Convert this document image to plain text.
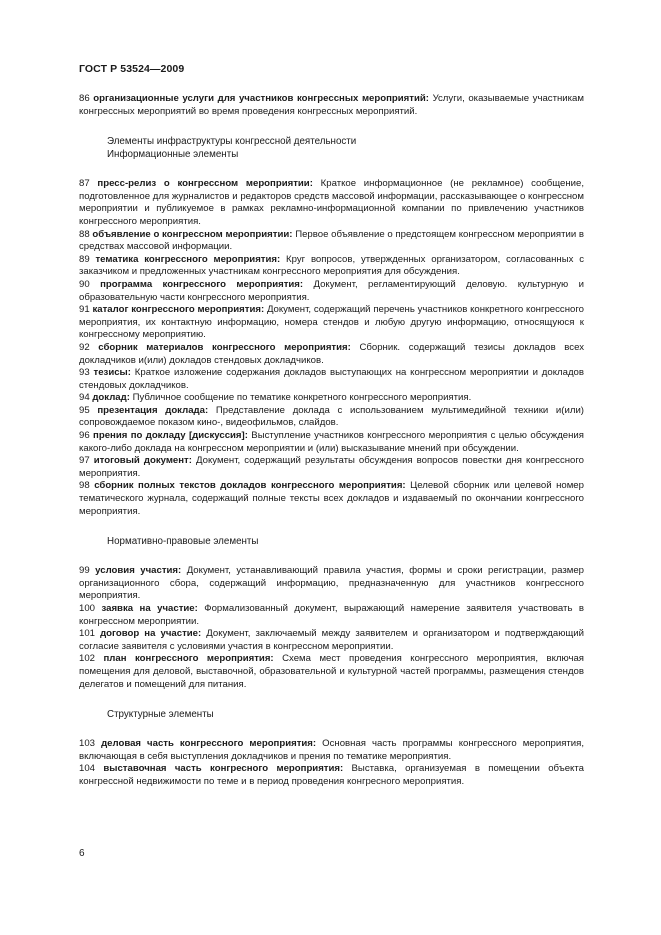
ГОСТ Р 53524—2009

86 организационные услуги для участников конгрессных мероприятий: Услуги, оказываемые участникам конгрессных мероприятий во время проведения конгрессных мероприятий.

Элементы инфраструктуры конгрессной деятельности

Информационные элементы

87 пресс-релиз о конгрессном мероприятии: Краткое информационное (не рекламное) сообщение, подготовленное для журналистов и редакторов средств массовой информации, рассказывающее о конгрессном мероприятии и публикуемое в рамках рекламно-информационной компании по привлечению участников конгрессного мероприятия.

88 объявление о конгрессном мероприятии: Первое объявление о предстоящем конгрессном мероприятии в средствах массовой информации.

89 тематика конгрессного мероприятия: Круг вопросов, утвержденных организатором, согласованных с заказчиком и предложенных участникам конгрессного мероприятия для обсуждения.

90 программа конгрессного мероприятия: Документ, регламентирующий деловую. культурную и образовательную части конгрессного мероприятия.

91 каталог конгрессного мероприятия: Документ, содержащий перечень участников конкретного конгрессного мероприятия, их контактную информацию, номера стендов и любую другую информацию, относящуюся к конгрессному мероприятию.

92 сборник материалов конгрессного мероприятия: Сборник. содержащий тезисы докладов всех докладчиков и(или) докладов стендовых докладчиков.

93 тезисы: Краткое изложение содержания докладов выступающих на конгрессном мероприятии и докладов стендовых докладчиков.

94 доклад: Публичное сообщение по тематике конкретного конгрессного мероприятия.

95 презентация доклада: Представление доклада с использованием мультимедийной техники и(или) сопровождаемое показом кино-, видеофильмов, слайдов.

96 прения по докладу [дискуссия]: Выступление участников конгрессного мероприятия с целью обсуждения какого-либо доклада на конгрессном мероприятии и (или) высказывание мнений при обсуждении.

97 итоговый документ: Документ, содержащий результаты обсуждения вопросов повестки дня конгрессного мероприятия.

98 сборник полных текстов докладов конгрессного мероприятия: Целевой сборник или целевой номер тематического журнала, содержащий полные тексты всех докладов и издаваемый по окончании конгрессного мероприятия.

Нормативно-правовые элементы

99 условия участия: Документ, устанавливающий правила участия, формы и сроки регистрации, размер организационного сбора, содержащий информацию, предназначенную для участников конгрессного мероприятия.

100 заявка на участие: Формализованный документ, выражающий намерение заявителя участвовать в конгрессном мероприятии.

101 договор на участие: Документ, заключаемый между заявителем и организатором и подтверждающий согласие заявителя с условиями участия в конгрессном мероприятии.

102 план конгрессного мероприятия: Схема мест проведения конгрессного мероприятия, включая помещения для деловой, выставочной, образовательной и культурной частей программы, размещения стендов делегатов и помещений для питания.

Структурные элементы

103 деловая часть конгрессного мероприятия: Основная часть программы конгрессного мероприятия, включающая в себя выступления докладчиков и прения по тематике мероприятия.

104 выставочная часть конгресного мероприятия: Выставка, организуемая в помещении объекта конгрессной недвижимости по теме и в период проведения конгресного мероприятия.

6
